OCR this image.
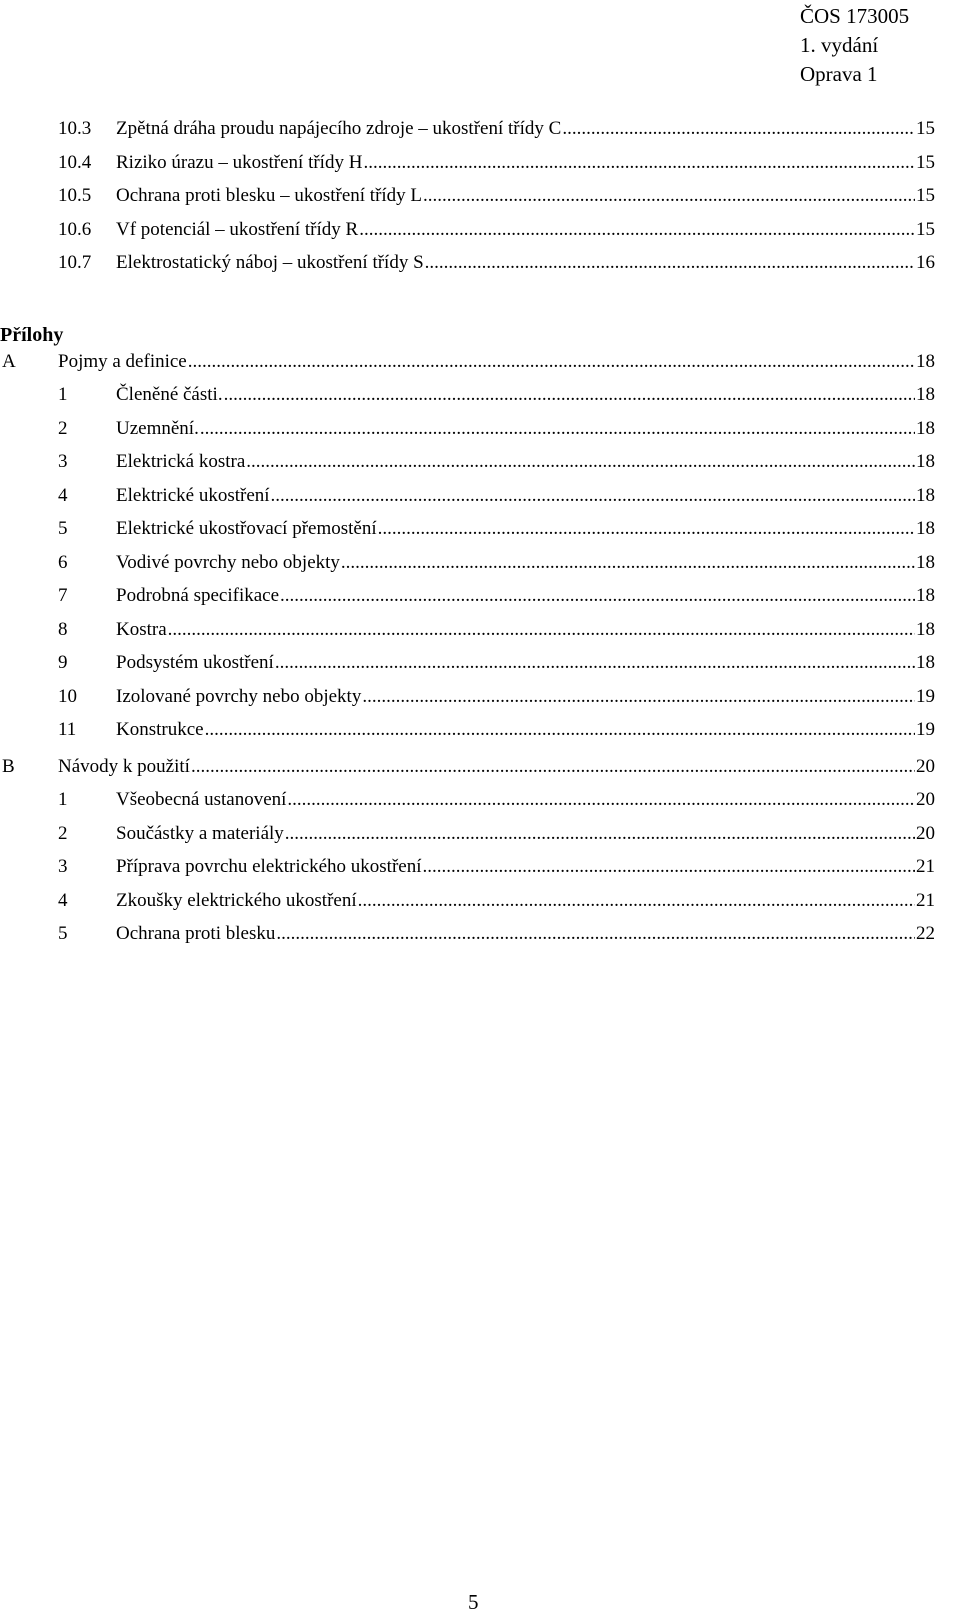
ČOS 173005
1. vydání
Oprava 1
10.3	Zpětná dráha proudu napájecího zdroje – ukostření třídy C .....	15
10.4	Riziko úrazu – ukostření třídy H .....	15
10.5	Ochrana proti blesku – ukostření třídy L .....	15
10.6	Vf potenciál – ukostření třídy R .....	15
10.7	Elektrostatický náboj – ukostření třídy S .....	16
A	Pojmy a definice .....	18
1	Členěné části. .....	18
2	Uzemnění. .....	18
3	Elektrická kostra .....	18
4	Elektrické ukostření .....	18
5	Elektrické ukostřovací přemostění .....	18
6	Vodivé povrchy nebo objekty .....	18
7	Podrobná specifikace .....	18
8	Kostra .....	18
9	Podsystém ukostření .....	18
10	Izolované povrchy nebo objekty .....	19
11	Konstrukce .....	19
B	Návody k použití .....	20
1	Všeobecná ustanovení .....	20
2	Součástky a materiály .....	20
3	Příprava povrchu elektrického ukostření .....	21
4	Zkoušky elektrického ukostření .....	21
5	Ochrana proti blesku .....	22
Přílohy
5
